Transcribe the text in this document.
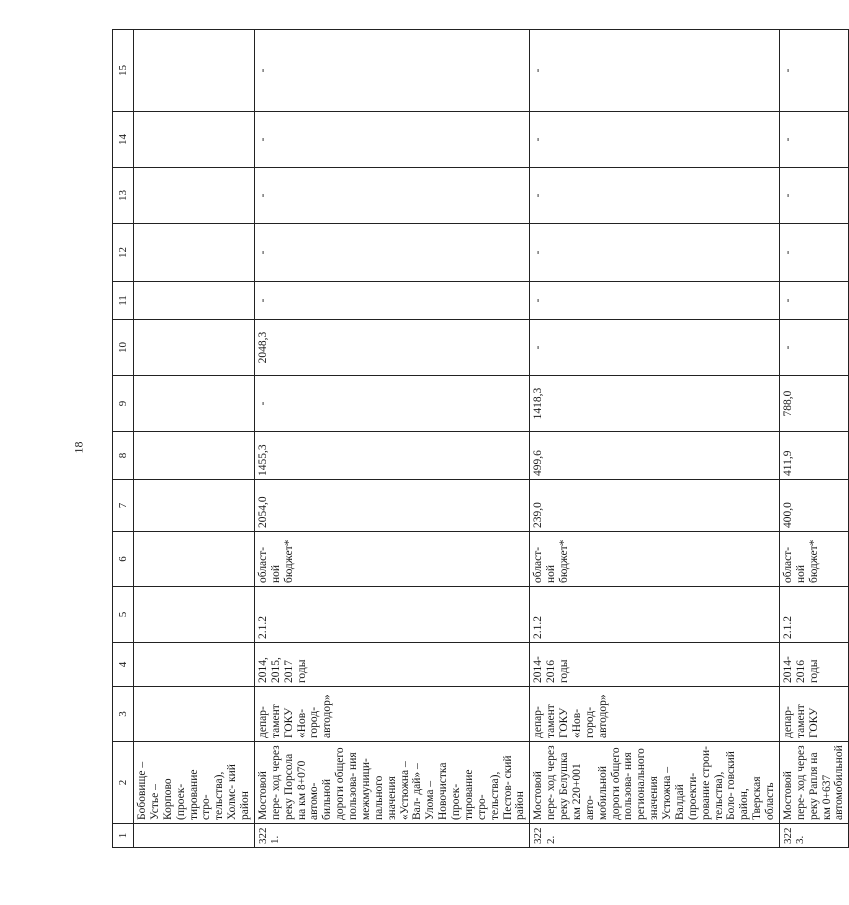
18
1	2	3	4	5	6	7	8	9	10	11	12	13	14	15
	Бобовище – Устье – Корпово (проек- тирование стро- тельства), Холмс- кий район													
3221.	Мостовой пере- ход через реку Порсола на км 8+070 автомо- бильной дороги общего пользова- ния межмуници- пального значения «Устюжна – Вал- дай» – Улома – Новочистка (проек- тирование стро- тельства), Пестов- ский район	депар- тамент ГОКУ «Нов- город- автодор»	2014, 2015, 2017 годы	2.1.2	област- ной бюджет*	2054,0	1455,3	-	2048,3	-	-	-	-	-
3222.	Мостовой пере- ход через реку Белушка км 220+001 авто- мобильной дороги общего пользова- ния регионального значения Устюжна – Валдай (проекти- рование строи- тельства), Боло- говский район, Тверская область	депар- тамент ГОКУ «Нов- город- автодор»	2014- 2016 годы	2.1.2	област- ной бюджет*	239,0	499,6	1418,3	-	-	-	-	-	-
3223.	Мостовой пере- ход через реку Рапля на км 0+637 автомобильной	депар- тамент ГОКУ	2014- 2016 годы	2.1.2	област- ной бюджет*	400,0	411,9	788,0	-	-	-	-	-	-
